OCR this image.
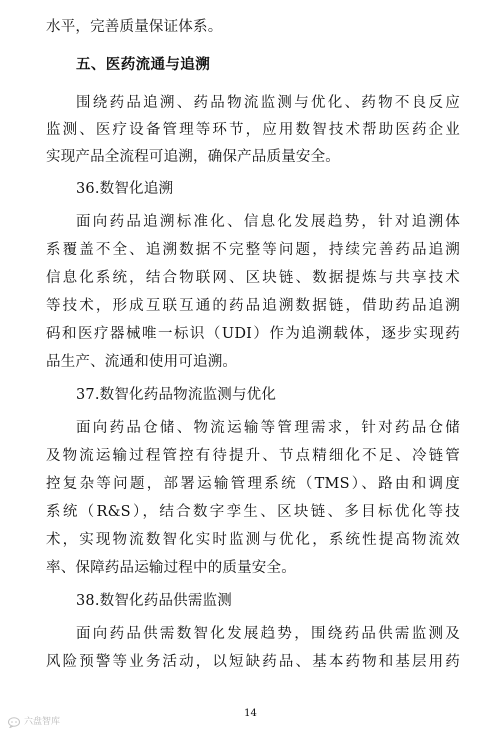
水平，完善质量保证体系。
五、医药流通与追溯
围绕药品追溯、药品物流监测与优化、药物不良反应
监测、医疗设备管理等环节，应用数智技术帮助医药企业
实现产品全流程可追溯，确保产品质量安全。
36.数智化追溯
面向药品追溯标准化、信息化发展趋势，针对追溯体
系覆盖不全、追溯数据不完整等问题，持续完善药品追溯
信息化系统，结合物联网、区块链、数据提炼与共享技术
等技术，形成互联互通的药品追溯数据链，借助药品追溯
码和医疗器械唯一标识（UDI）作为追溯载体，逐步实现药
品生产、流通和使用可追溯。
37.数智化药品物流监测与优化
面向药品仓储、物流运输等管理需求，针对药品仓储
及物流运输过程管控有待提升、节点精细化不足、冷链管
控复杂等问题，部署运输管理系统（TMS）、路由和调度
系统（R&S），结合数字孪生、区块链、多目标优化等技
术，实现物流数智化实时监测与优化，系统性提高物流效
率、保障药品运输过程中的质量安全。
38.数智化药品供需监测
面向药品供需数智化发展趋势，围绕药品供需监测及
风险预警等业务活动，以短缺药品、基本药物和基层用药
14
六盘智库
